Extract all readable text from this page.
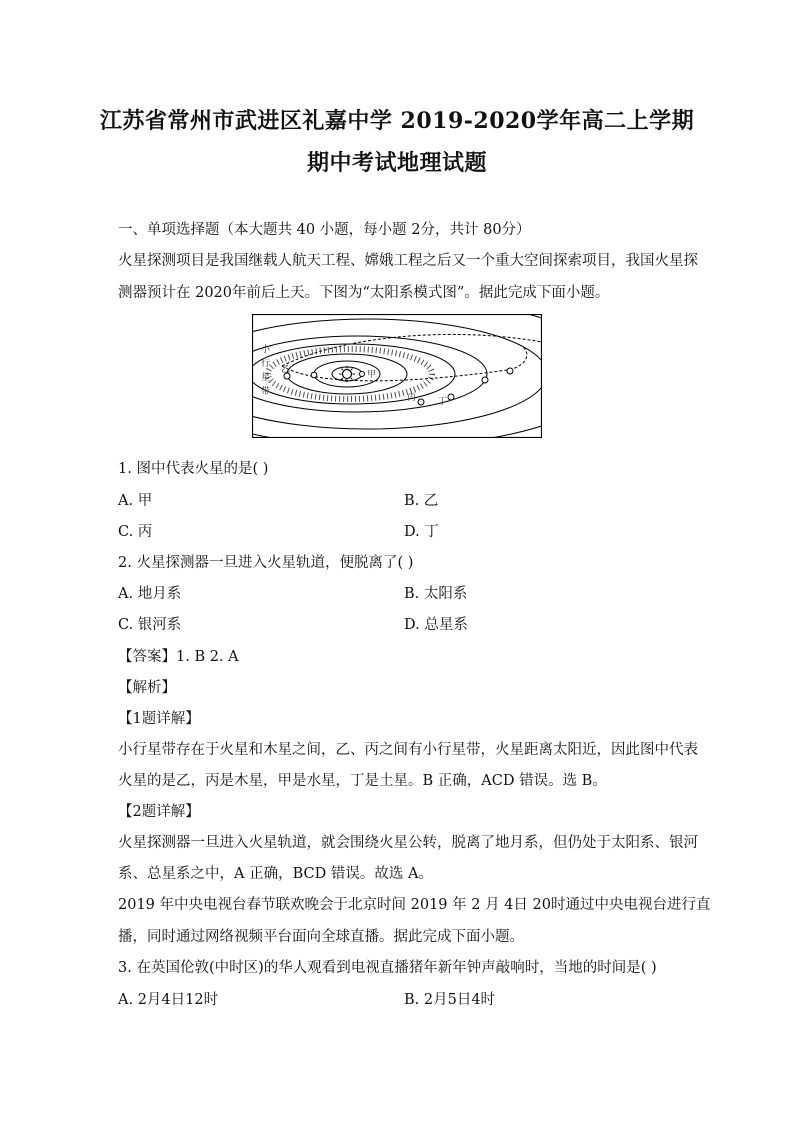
江苏省常州市武进区礼嘉中学 2019-2020学年高二上学期
期中考试地理试题
一、单项选择题（本大题共 40 小题，每小题 2分，共计 80分）
火星探测项目是我国继载人航天工程、嫦娥工程之后又一个重大空间探索项目，我国火星探
测器预计在 2020年前后上天。下图为“太阳系模式图”。据此完成下面小题。
甲
乙
丙 丁
小
行
星
带
1. 图中代表火星的是( )
A. 甲	B. 乙
C. 丙	D. 丁
2. 火星探测器一旦进入火星轨道，便脱离了( )
A. 地月系	B. 太阳系
C. 银河系	D. 总星系
【答案】1. B 2. A
【解析】
【1题详解】
小行星带存在于火星和木星之间，乙、丙之间有小行星带，火星距离太阳近，因此图中代表
火星的是乙，丙是木星，甲是水星，丁是土星。B 正确，ACD 错误。选 B。
【2题详解】
火星探测器一旦进入火星轨道，就会围绕火星公转，脱离了地月系，但仍处于太阳系、银河
系、总星系之中，A 正确，BCD 错误。故选 A。
2019 年中央电视台春节联欢晚会于北京时间 2019 年 2 月 4日 20时通过中央电视台进行直
播，同时通过网络视频平台面向全球直播。据此完成下面小题。
3. 在英国伦敦(中时区)的华人观看到电视直播猪年新年钟声敲响时，当地的时间是( )
A. 2月4日12时	B. 2月5日4时
